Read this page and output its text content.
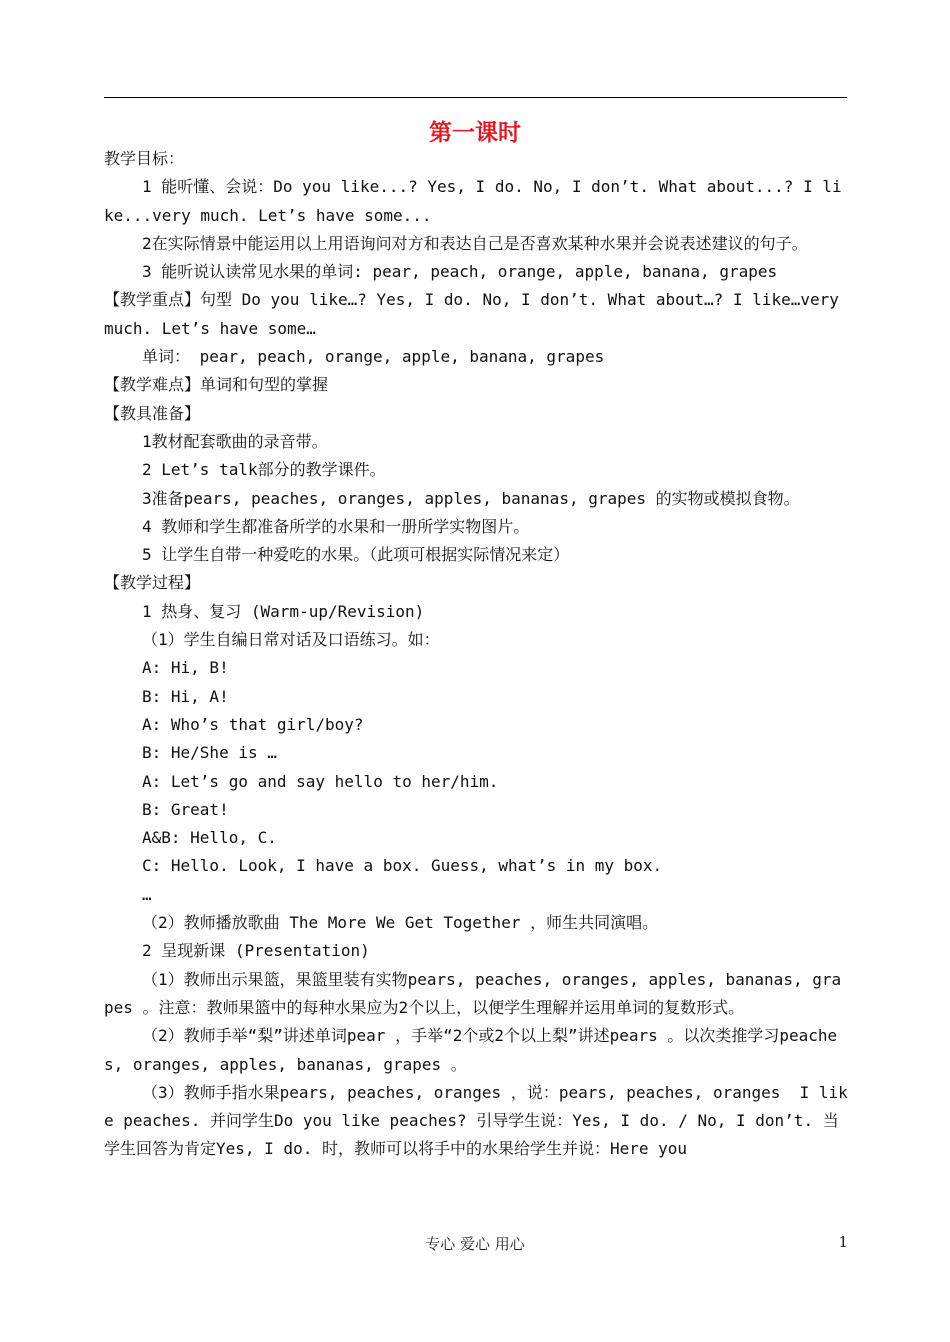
第一课时

教学目标：

1 能听懂、会说：Do you like...? Yes, I do. No, I don’t. What about...? I like...very much. Let’s have some...

2在实际情景中能运用以上用语询问对方和表达自己是否喜欢某种水果并会说表述建议的句子。

3 能听说认读常见水果的单词: pear, peach, orange, apple, banana, grapes

【教学重点】句型 Do you like…? Yes, I do. No, I don’t. What about…? I like…very much. Let’s have some…

单词： pear, peach, orange, apple, banana, grapes

【教学难点】单词和句型的掌握

【教具准备】

1教材配套歌曲的录音带。

2 Let’s talk部分的教学课件。

3准备pears, peaches, oranges, apples, bananas, grapes 的实物或模拟食物。

4 教师和学生都准备所学的水果和一册所学实物图片。

5 让学生自带一种爱吃的水果。（此项可根据实际情况来定）

【教学过程】

1 热身、复习 (Warm-up/Revision)

（1）学生自编日常对话及口语练习。如：

A: Hi, B!

B: Hi, A!

A: Who’s that girl/boy?

B: He/She is …

A: Let’s go and say hello to her/him.

B: Great!

A&B: Hello, C.

C: Hello. Look, I have a box. Guess, what’s in my box.

…

（2）教师播放歌曲 The More We Get Together ，师生共同演唱。

2 呈现新课 (Presentation)

（1）教师出示果篮，果篮里装有实物pears, peaches, oranges, apples, bananas, grapes 。注意：教师果篮中的每种水果应为2个以上，以便学生理解并运用单词的复数形式。

（2）教师手举“梨”讲述单词pear ，手举“2个或2个以上梨”讲述pears 。以次类推学习peaches, oranges, apples, bananas, grapes 。

（3）教师手指水果pears, peaches, oranges ，说：pears, peaches, oranges  I like peaches. 并问学生Do you like peaches? 引导学生说：Yes, I do. / No, I don’t. 当学生回答为肯定Yes, I do. 时，教师可以将手中的水果给学生并说：Here you

专心 爱心 用心	1
